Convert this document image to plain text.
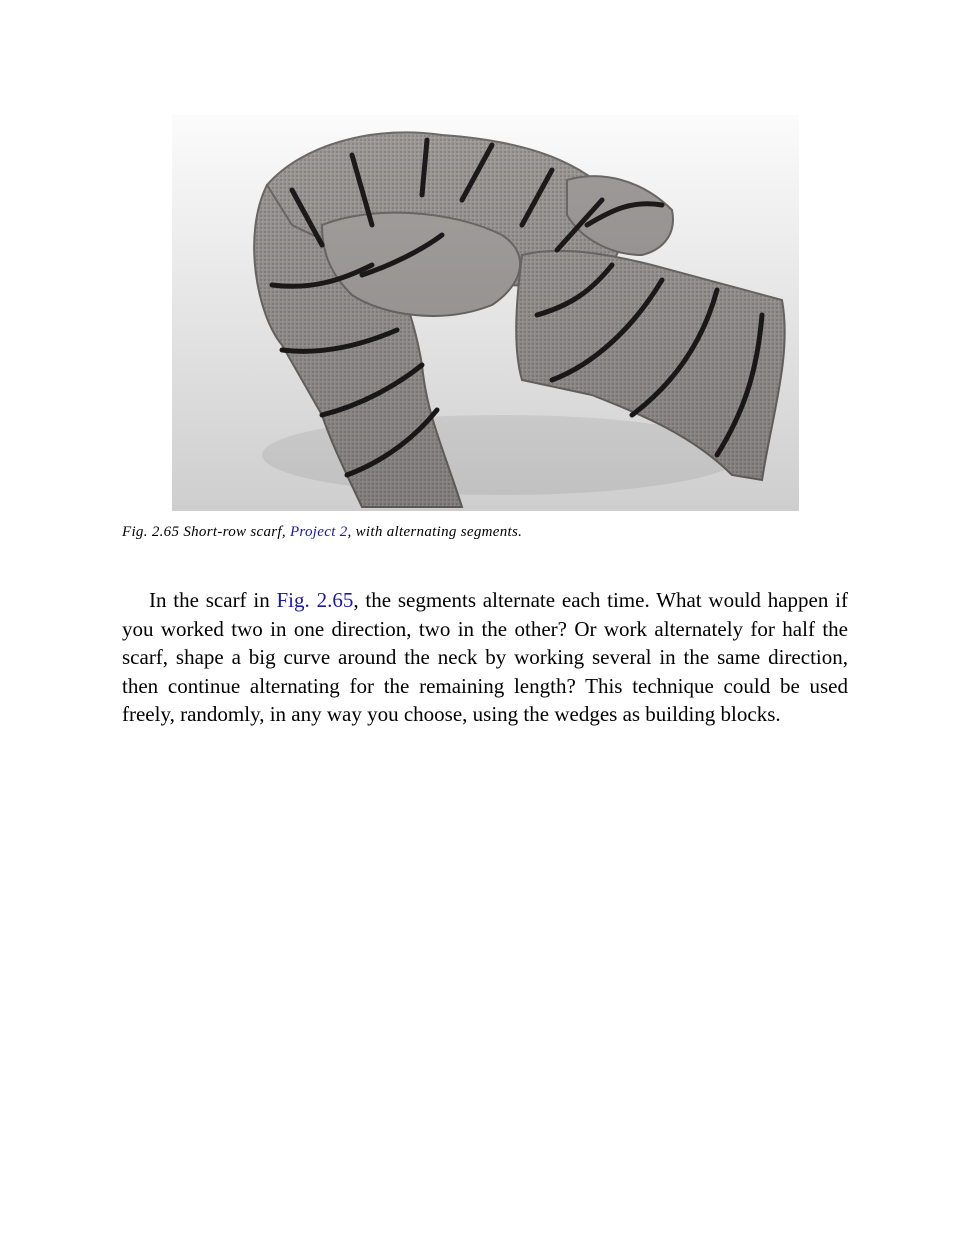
Fig. 2.65 Short-row scarf, Project 2, with alternating segments.

In the scarf in Fig. 2.65, the segments alternate each time. What would happen if you worked two in one direction, two in the other? Or work alternately for half the scarf, shape a big curve around the neck by working several in the same direction, then continue alternating for the remaining length? This technique could be used freely, randomly, in any way you choose, using the wedges as building blocks.
